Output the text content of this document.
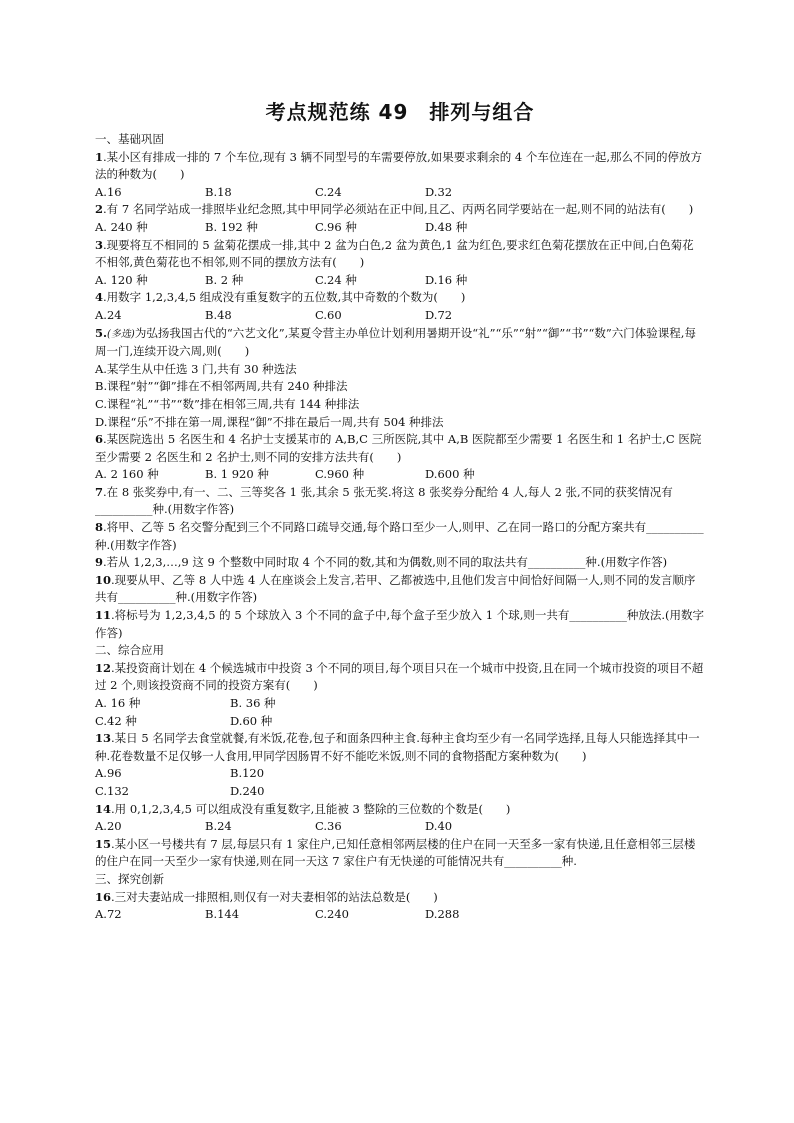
考点规范练 49　排列与组合
一、基础巩固
1.某小区有排成一排的 7 个车位,现有 3 辆不同型号的车需要停放,如果要求剩余的 4 个车位连在一起,那么不同的停放方法的种数为(　　)
A.16	B.18	C.24	D.32
2.有 7 名同学站成一排照毕业纪念照,其中甲同学必须站在正中间,且乙、丙两名同学要站在一起,则不同的站法有(　　)
A. 240 种	B. 192 种	C.96 种	D.48 种
3.现要将互不相同的 5 盆菊花摆成一排,其中 2 盆为白色,2 盆为黄色,1 盆为红色,要求红色菊花摆放在正中间,白色菊花不相邻,黄色菊花也不相邻,则不同的摆放方法有(　　)
A. 120 种	B. 2 种	C.24 种	D.16 种
4.用数字 1,2,3,4,5 组成没有重复数字的五位数,其中奇数的个数为(　　)
A.24	B.48	C.60	D.72
5.(多选)为弘扬我国古代的“六艺文化”,某夏令营主办单位计划利用暑期开设“礼”“乐”“射”“御”“书”“数”六门体验课程,每周一门,连续开设六周,则(　　)
A.某学生从中任选 3 门,共有 30 种选法
B.课程“射”“御”排在不相邻两周,共有 240 种排法
C.课程“礼”“书”“数”排在相邻三周,共有 144 种排法
D.课程“乐”不排在第一周,课程“御”不排在最后一周,共有 504 种排法
6.某医院选出 5 名医生和 4 名护士支援某市的 A,B,C 三所医院,其中 A,B 医院都至少需要 1 名医生和 1 名护士,C 医院至少需要 2 名医生和 2 名护士,则不同的安排方法共有(　　)
A. 2 160 种	B. 1 920 种	C.960 种	D.600 种
7.在 8 张奖券中,有一、二、三等奖各 1 张,其余 5 张无奖.将这 8 张奖券分配给 4 人,每人 2 张,不同的获奖情况有__________种.(用数字作答)
8.将甲、乙等 5 名交警分配到三个不同路口疏导交通,每个路口至少一人,则甲、乙在同一路口的分配方案共有__________种.(用数字作答)
9.若从 1,2,3,…,9 这 9 个整数中同时取 4 个不同的数,其和为偶数,则不同的取法共有__________种.(用数字作答)
10.现要从甲、乙等 8 人中选 4 人在座谈会上发言,若甲、乙都被选中,且他们发言中间恰好间隔一人,则不同的发言顺序共有__________种.(用数字作答)
11.将标号为 1,2,3,4,5 的 5 个球放入 3 个不同的盒子中,每个盒子至少放入 1 个球,则一共有__________种放法.(用数字作答)
二、综合应用
12.某投资商计划在 4 个候选城市中投资 3 个不同的项目,每个项目只在一个城市中投资,且在同一个城市投资的项目不超过 2 个,则该投资商不同的投资方案有(　　)
A. 16 种	B. 36 种
C.42 种	D.60 种
13.某日 5 名同学去食堂就餐,有米饭,花卷,包子和面条四种主食.每种主食均至少有一名同学选择,且每人只能选择其中一种.花卷数量不足仅够一人食用,甲同学因肠胃不好不能吃米饭,则不同的食物搭配方案种数为(　　)
A.96	B.120
C.132	D.240
14.用 0,1,2,3,4,5 可以组成没有重复数字,且能被 3 整除的三位数的个数是(　　)
A.20	B.24	C.36	D.40
15.某小区一号楼共有 7 层,每层只有 1 家住户,已知任意相邻两层楼的住户在同一天至多一家有快递,且任意相邻三层楼的住户在同一天至少一家有快递,则在同一天这 7 家住户有无快递的可能情况共有__________种.
三、探究创新
16.三对夫妻站成一排照相,则仅有一对夫妻相邻的站法总数是(　　)
A.72	B.144	C.240	D.288
